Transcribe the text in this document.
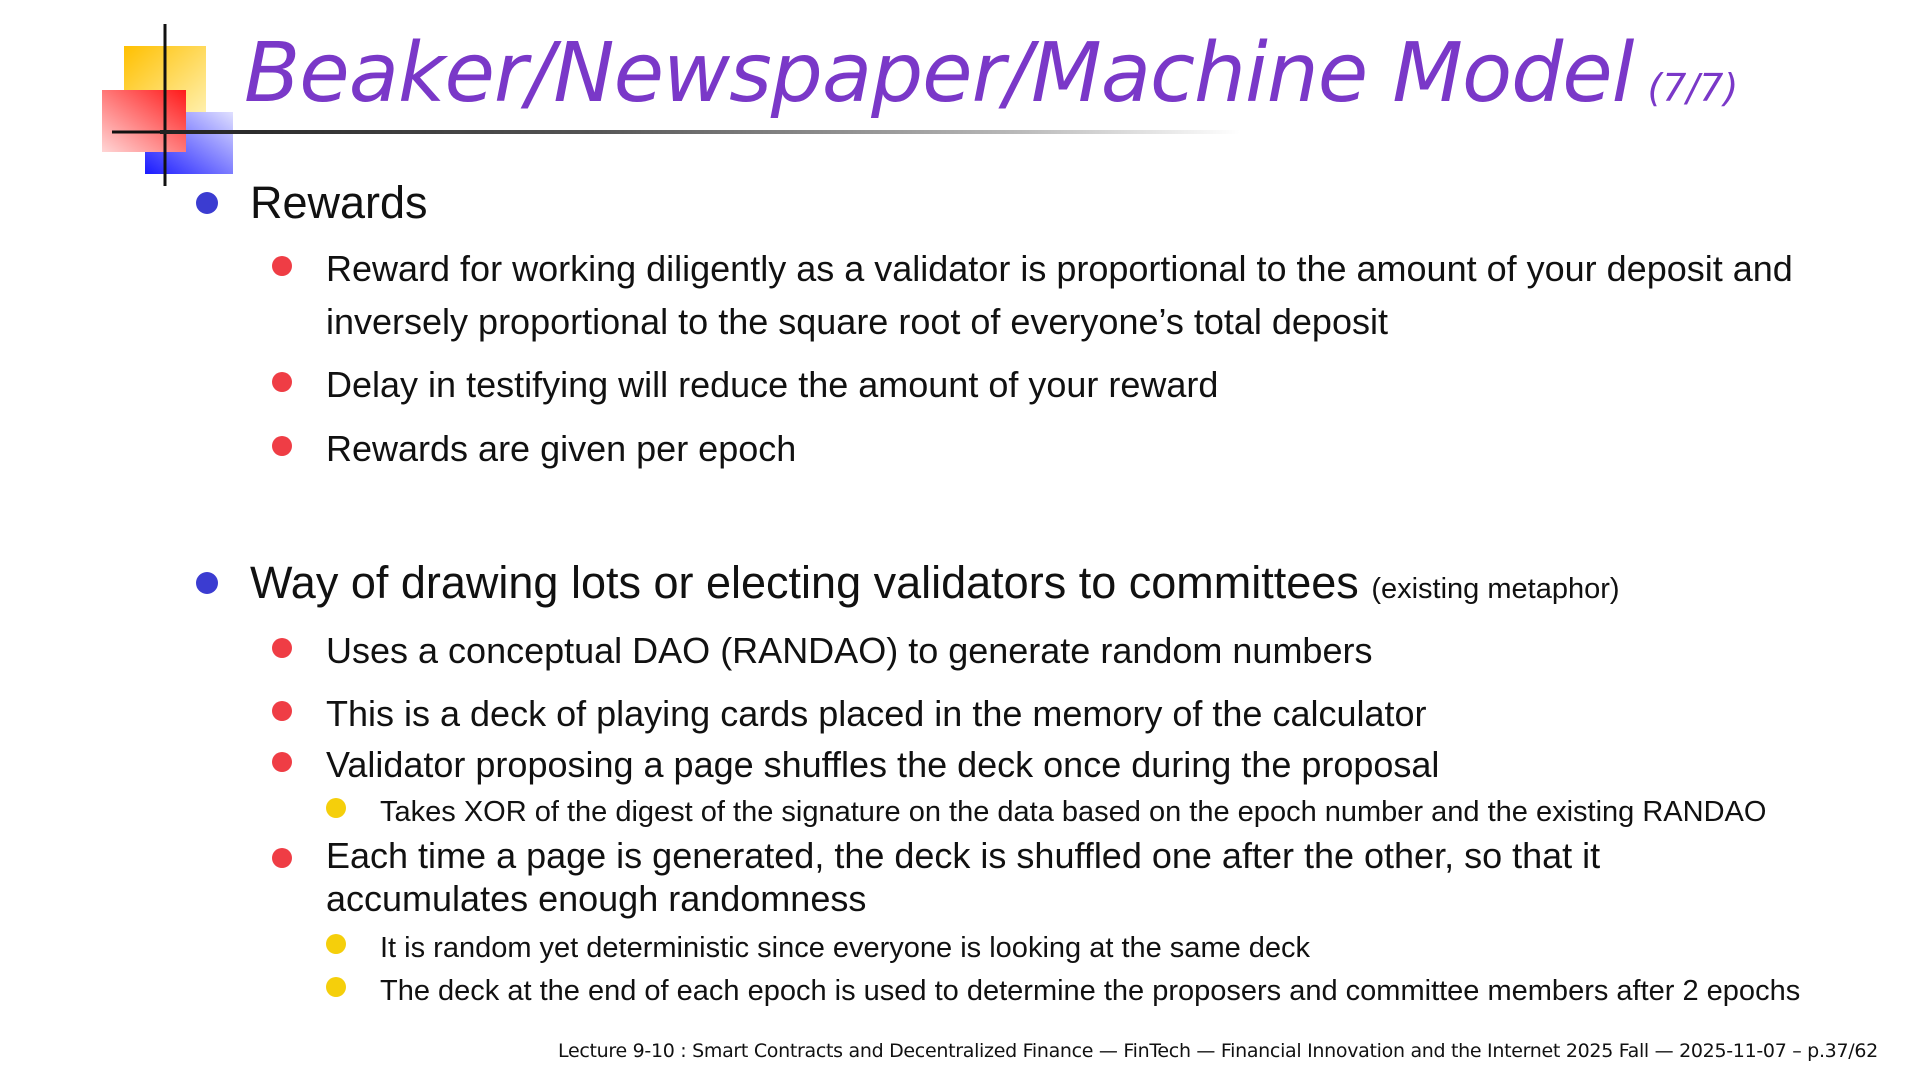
Beaker/Newspaper/Machine Model (7/7)
Rewards
Reward for working diligently as a validator is proportional to the amount of your deposit and
inversely proportional to the square root of everyone’s total deposit
Delay in testifying will reduce the amount of your reward
Rewards are given per epoch
Way of drawing lots or electing validators to committees (existing metaphor)
Uses a conceptual DAO (RANDAO) to generate random numbers
This is a deck of playing cards placed in the memory of the calculator
Validator proposing a page shuffles the deck once during the proposal
Takes XOR of the digest of the signature on the data based on the epoch number and the existing RANDAO
Each time a page is generated, the deck is shuffled one after the other, so that it
accumulates enough randomness
It is random yet deterministic since everyone is looking at the same deck
The deck at the end of each epoch is used to determine the proposers and committee members after 2 epochs
Lecture 9-10 : Smart Contracts and Decentralized Finance — FinTech — Financial Innovation and the Internet 2025 Fall — 2025-11-07 – p.37/62
